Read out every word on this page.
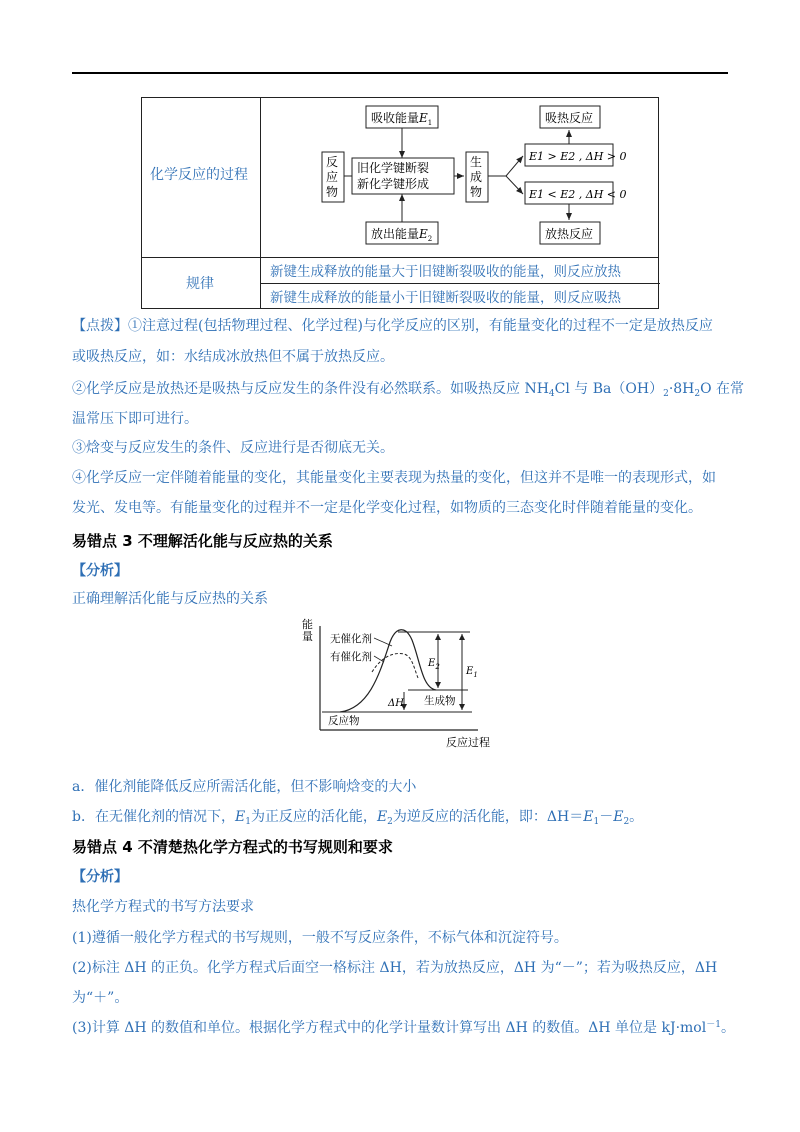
化学反应的过程
规律
新键生成释放的能量大于旧键断裂吸收的能量，则反应放热
新键生成释放的能量小于旧键断裂吸收的能量，则反应吸热
吸收能量$E_1$
反
应
物
旧化学键断裂
新化学键形成
放出能量$E_2$
生
成
物
E1 > E2 , ΔH > 0
E1 < E2 , ΔH < 0
吸热反应
放热反应
【点拨】①注意过程(包括物理过程、化学过程)与化学反应的区别，有能量变化的过程不一定是放热反应
或吸热反应，如：水结成冰放热但不属于放热反应。
②化学反应是放热还是吸热与反应发生的条件没有必然联系。如吸热反应 $NH_4Cl$ 与 $Ba(OH)_2\cdot 8H_2O$ 在常
温常压下即可进行。
③焓变与反应发生的条件、反应进行是否彻底无关。
④化学反应一定伴随着能量的变化，其能量变化主要表现为热量的变化，但这并不是唯一的表现形式，如
发光、发电等。有能量变化的过程并不一定是化学变化过程，如物质的三态变化时伴随着能量的变化。
易错点 3 不理解活化能与反应热的关系
【分析】
正确理解活化能与反应热的关系
能
量
反应过程
无催化剂
有催化剂
$E_2$	$E_1$
ΔH 生成物
反应物
a．催化剂能降低反应所需活化能，但不影响焓变的大小
b．在无催化剂的情况下，$E_1$为正反应的活化能，$E_2$为逆反应的活化能，即：$\Delta H=E_1-E_2$。
易错点 4 不清楚热化学方程式的书写规则和要求
【分析】
热化学方程式的书写方法要求
(1)遵循一般化学方程式的书写规则，一般不写反应条件，不标气体和沉淀符号。
(2)标注 ΔH 的正负。化学方程式后面空一格标注 ΔH，若为放热反应，ΔH 为“－”；若为吸热反应，ΔH
为“＋”。
(3)计算 ΔH 的数值和单位。根据化学方程式中的化学计量数计算写出 ΔH 的数值。ΔH 单位是 kJ·mol$^{-1}$。
